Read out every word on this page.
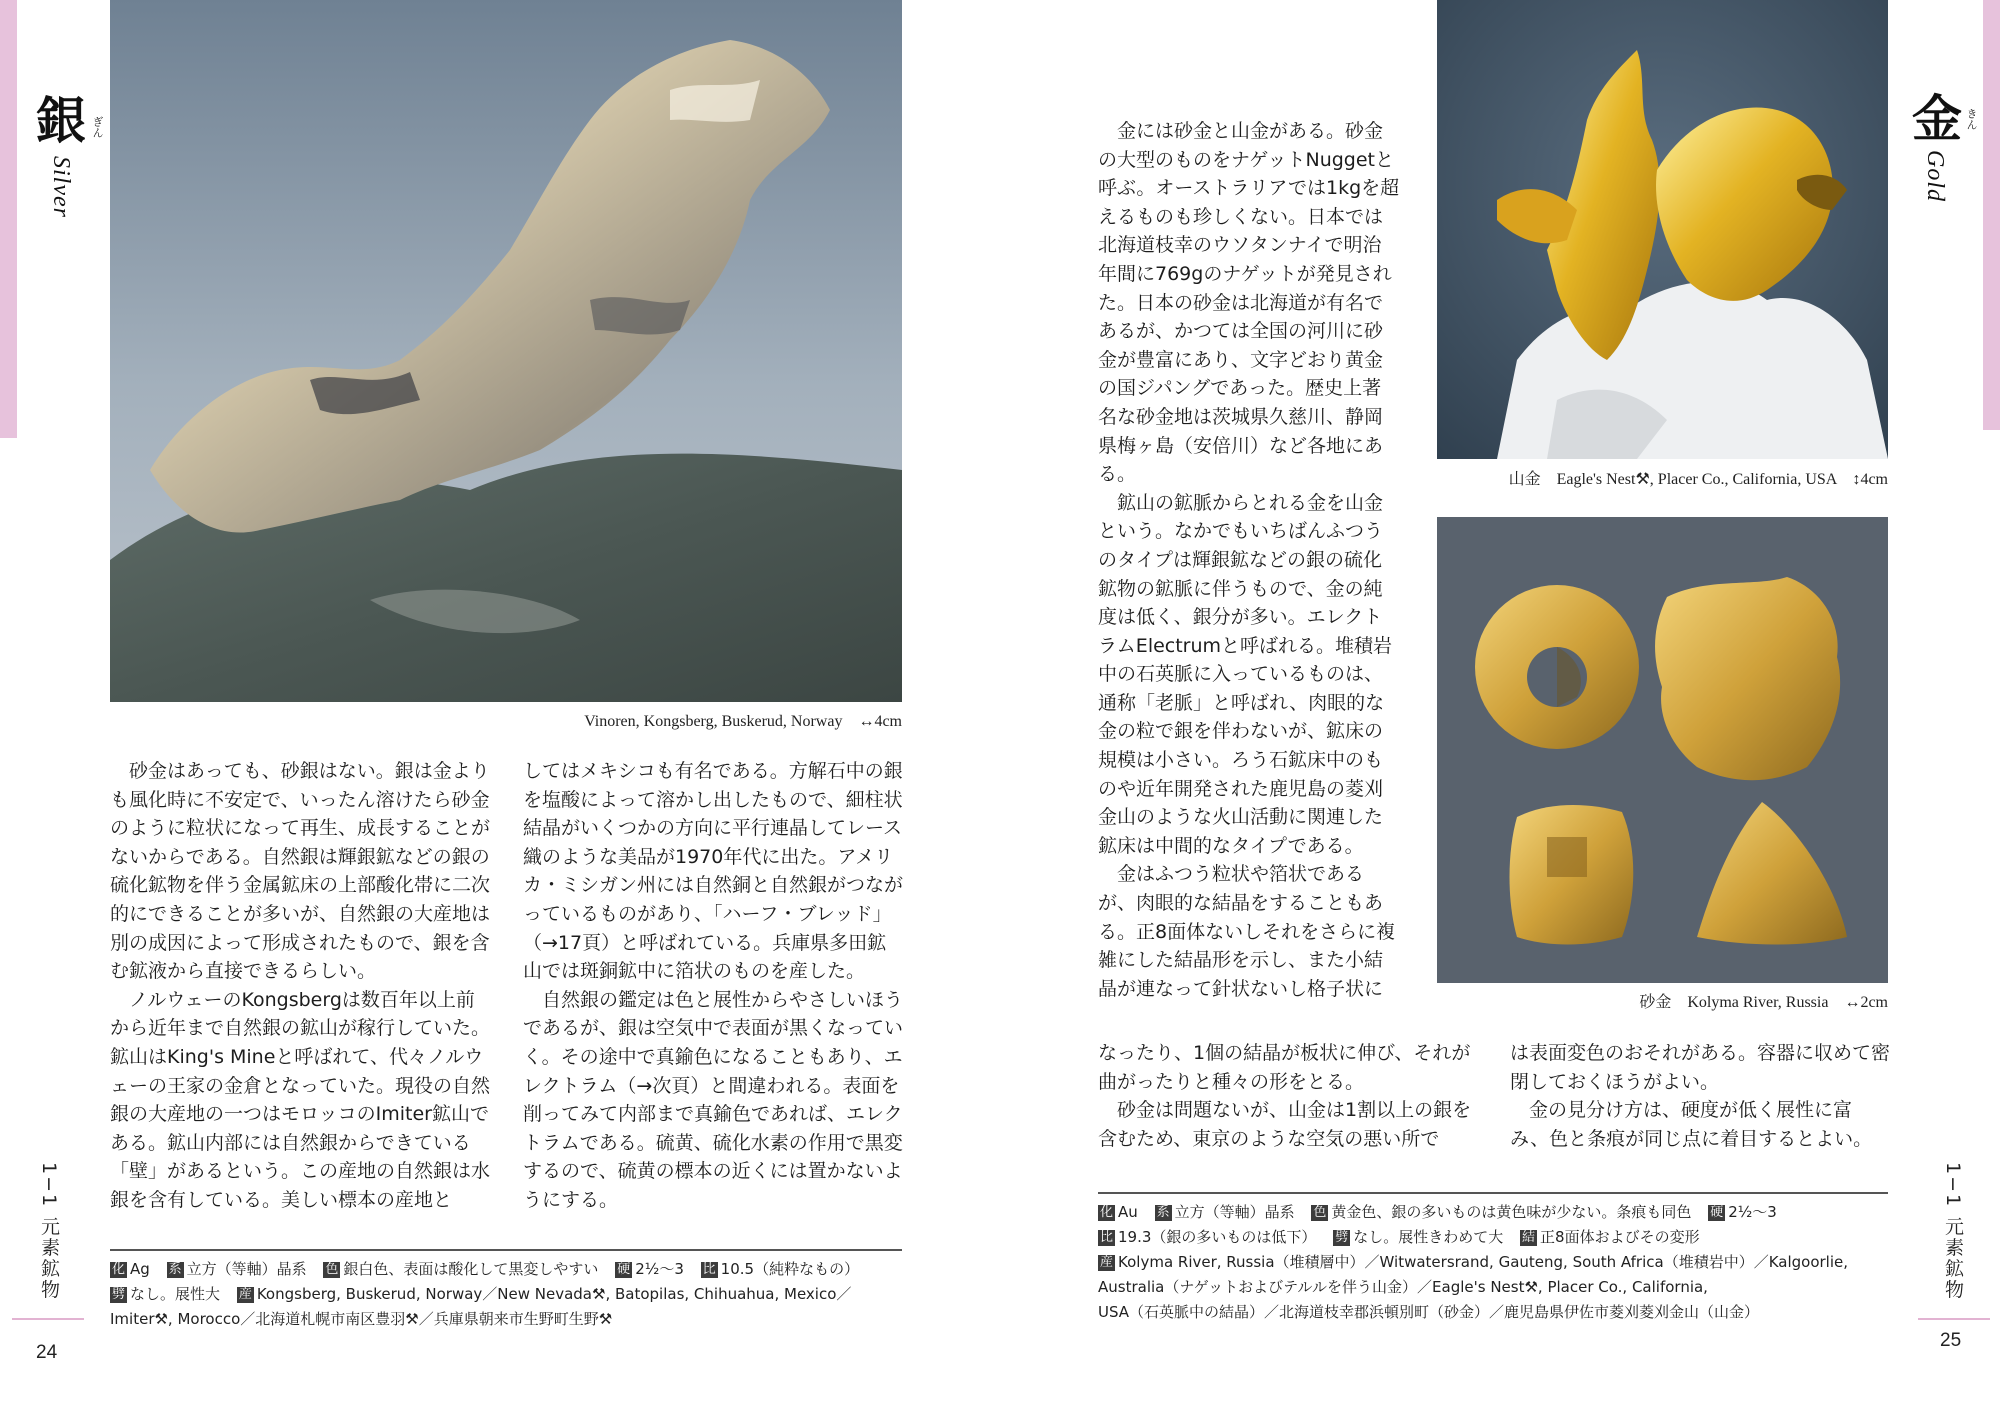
銀 ぎん
Silver
Vinoren, Kongsberg, Buskerud, Norway　↔4cm

砂金はあっても、砂銀はない。銀は金よりも風化時に不安定で、いったん溶けたら砂金のように粒状になって再生、成長することがないからである。自然銀は輝銀鉱などの銀の硫化鉱物を伴う金属鉱床の上部酸化帯に二次的にできることが多いが、自然銀の大産地は別の成因によって形成されたもので、銀を含む鉱液から直接できるらしい。

ノルウェーのKongsbergは数百年以上前から近年まで自然銀の鉱山が稼行していた。鉱山はKing's Mineと呼ばれて、代々ノルウェーの王家の金倉となっていた。現役の自然銀の大産地の一つはモロッコのImiter鉱山である。鉱山内部には自然銀からできている「壁」があるという。この産地の自然銀は水銀を含有している。美しい標本の産地と

してはメキシコも有名である。方解石中の銀を塩酸によって溶かし出したもので、細柱状結晶がいくつかの方向に平行連晶してレース織のような美品が1970年代に出た。アメリカ・ミシガン州には自然銅と自然銀がつながっているものがあり、「ハーフ・ブレッド」（→17頁）と呼ばれている。兵庫県多田鉱山では斑銅鉱中に箔状のものを産した。

自然銀の鑑定は色と展性からやさしいほうであるが、銀は空気中で表面が黒くなっていく。その途中で真鍮色になることもあり、エレクトラム（→次頁）と間違われる。表面を削ってみて内部まで真鍮色であれば、エレクトラムである。硫黄、硫化水素の作用で黒変するので、硫黄の標本の近くには置かないようにする。

1−1 元素鉱物
24
化 Ag 系 立方（等軸）晶系 色 銀白色、表面は酸化して黒変しやすい 硬 2½〜3 比 10.5（純粋なもの）
劈 なし。展性大 産 Kongsberg, Buskerud, Norway／New Nevada⚒, Batopilas, Chihuahua, Mexico／
Imiter⚒, Morocco／北海道札幌市南区豊羽⚒／兵庫県朝来市生野町生野⚒
金 きん
Gold
山金　Eagle's Nest⚒, Placer Co., California, USA　↕4cm
砂金　Kolyma River, Russia　↔2cm

金には砂金と山金がある。砂金の大型のものをナゲットNuggetと呼ぶ。オーストラリアでは1kgを超えるものも珍しくない。日本では北海道枝幸のウソタンナイで明治年間に769gのナゲットが発見された。日本の砂金は北海道が有名であるが、かつては全国の河川に砂金が豊富にあり、文字どおり黄金の国ジパングであった。歴史上著名な砂金地は茨城県久慈川、静岡県梅ヶ島（安倍川）など各地にある。

鉱山の鉱脈からとれる金を山金という。なかでもいちばんふつうのタイプは輝銀鉱などの銀の硫化鉱物の鉱脈に伴うもので、金の純度は低く、銀分が多い。エレクトラムElectrumと呼ばれる。堆積岩中の石英脈に入っているものは、通称「老脈」と呼ばれ、肉眼的な金の粒で銀を伴わないが、鉱床の規模は小さい。ろう石鉱床中のものや近年開発された鹿児島の菱刈金山のような火山活動に関連した鉱床は中間的なタイプである。

金はふつう粒状や箔状であるが、肉眼的な結晶をすることもある。正8面体ないしそれをさらに複雑にした結晶形を示し、また小結晶が連なって針状ないし格子状に

なったり、1個の結晶が板状に伸び、それが曲がったりと種々の形をとる。

砂金は問題ないが、山金は1割以上の銀を含むため、東京のような空気の悪い所で

は表面変色のおそれがある。容器に収めて密閉しておくほうがよい。

金の見分け方は、硬度が低く展性に富み、色と条痕が同じ点に着目するとよい。

1−1 元素鉱物
25
化 Au 系 立方（等軸）晶系 色 黄金色、銀の多いものは黄色味が少ない。条痕も同色 硬 2½〜3
比 19.3（銀の多いものは低下） 劈 なし。展性きわめて大 結 正8面体およびその変形
産 Kolyma River, Russia（堆積層中）／Witwatersrand, Gauteng, South Africa（堆積岩中）／Kalgoorlie,
Australia（ナゲットおよびテルルを伴う山金）／Eagle's Nest⚒, Placer Co., California,
USA（石英脈中の結晶）／北海道枝幸郡浜頓別町（砂金）／鹿児島県伊佐市菱刈菱刈金山（山金）
